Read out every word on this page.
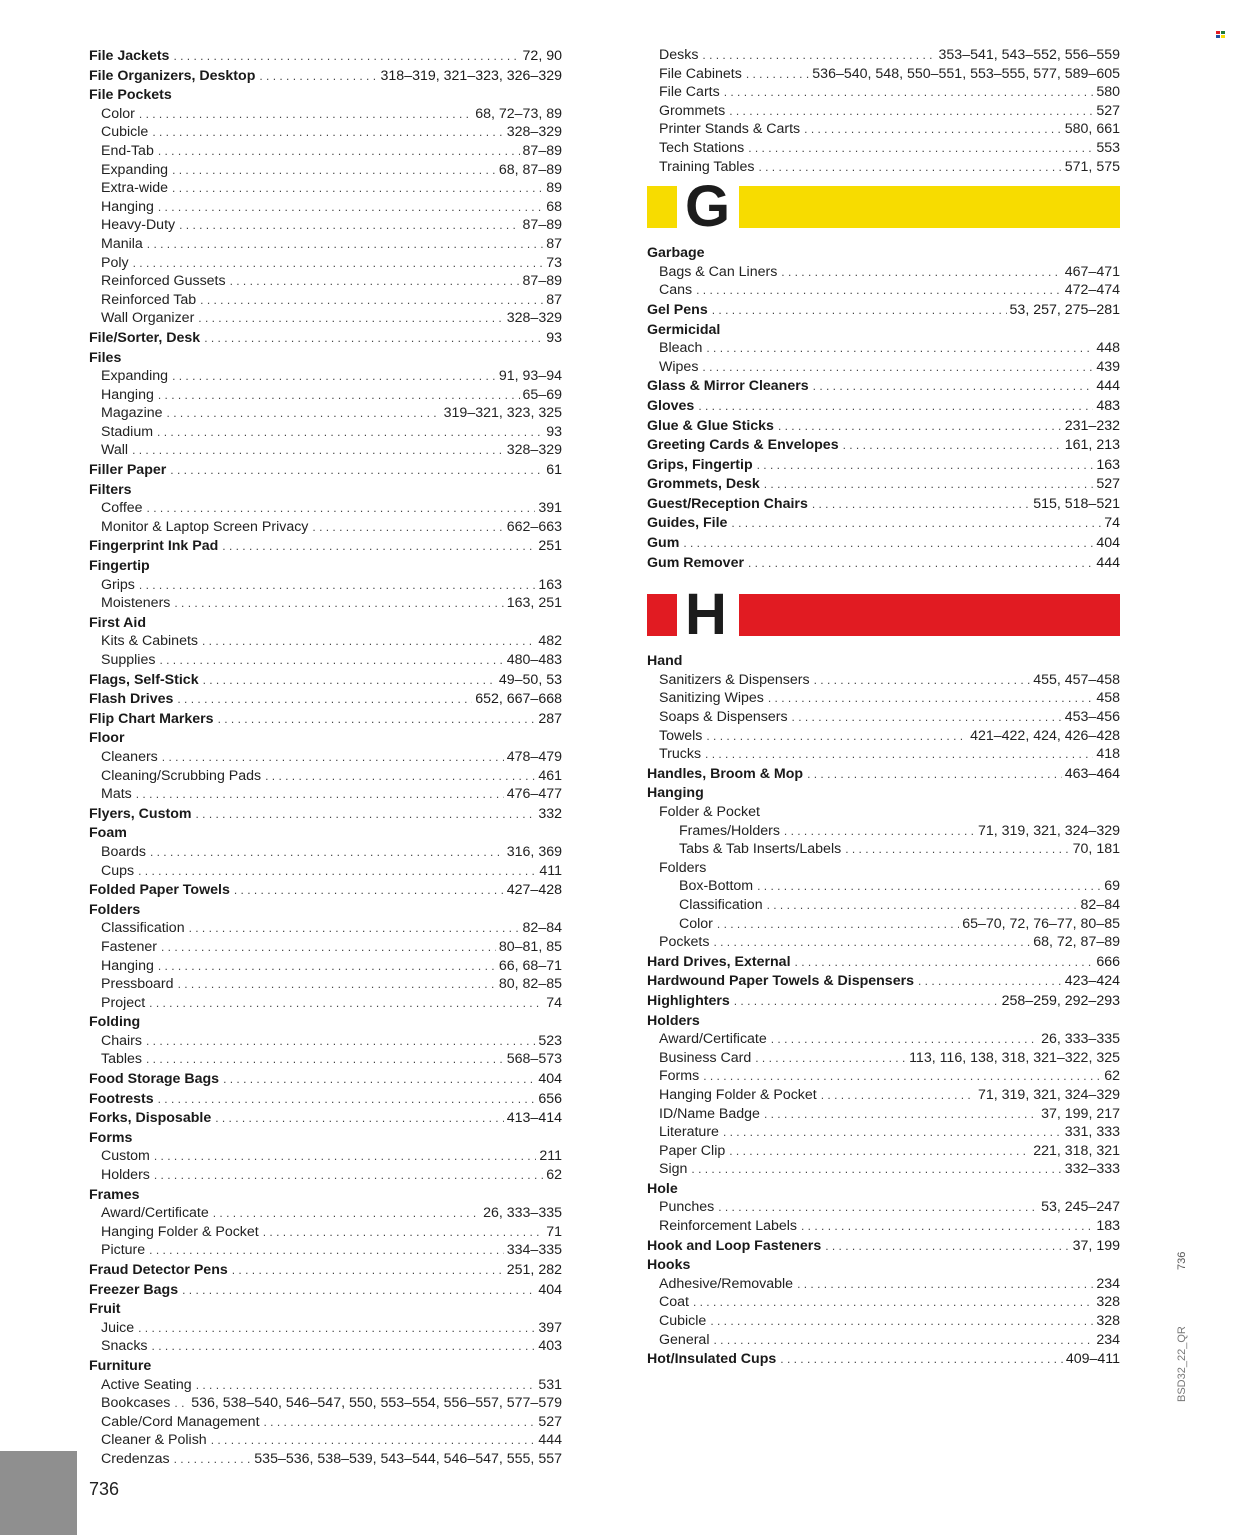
File Jackets . . .	72, 90
File Organizers, Desktop . . .	318–319, 321–323, 326–329
File Pockets
Color . . .	68, 72–73, 89
Cubicle . . .	328–329
End-Tab . . .	87–89
Expanding . . .	68, 87–89
Extra-wide . . .	89
Hanging . . .	68
Heavy-Duty . . .	87–89
Manila . . .	87
Poly . . .	73
Reinforced Gussets . . .	87–89
Reinforced Tab . . .	87
Wall Organizer . . .	328–329
File/Sorter, Desk . . .	93
Files
Expanding . . .	91, 93–94
Hanging . . .	65–69
Magazine . . .	319–321, 323, 325
Stadium . . .	93
Wall . . .	328–329
Filler Paper . . .	61
Filters
Coffee . . .	391
Monitor & Laptop Screen Privacy . . .	662–663
Fingerprint Ink Pad . . .	251
Fingertip
Grips . . .	163
Moisteners . . .	163, 251
First Aid
Kits & Cabinets . . .	482
Supplies . . .	480–483
Flags, Self-Stick . . .	49–50, 53
Flash Drives . . .	652, 667–668
Flip Chart Markers . . .	287
Floor
Cleaners . . .	478–479
Cleaning/Scrubbing Pads . . .	461
Mats . . .	476–477
Flyers, Custom . . .	332
Foam
Boards . . .	316, 369
Cups . . .	411
Folded Paper Towels . . .	427–428
Folders
Classification . . .	82–84
Fastener . . .	80–81, 85
Hanging . . .	66, 68–71
Pressboard . . .	80, 82–85
Project . . .	74
Folding
Chairs . . .	523
Tables . . .	568–573
Food Storage Bags . . .	404
Footrests . . .	656
Forks, Disposable . . .	413–414
Forms
Custom . . .	211
Holders . . .	62
Frames
Award/Certificate . . .	26, 333–335
Hanging Folder & Pocket . . .	71
Picture . . .	334–335
Fraud Detector Pens . . .	251, 282
Freezer Bags . . .	404
Fruit
Juice . . .	397
Snacks . . .	403
Furniture
Active Seating . . .	531
Bookcases . . . 536, 538–540, 546–547, 550, 553–554, 556–557, 577–579
Cable/Cord Management . . .	527
Cleaner & Polish . . .	444
Credenzas . . .	535–536, 538–539, 543–544, 546–547, 555, 557
Desks . . .	353–541, 543–552, 556–559
File Cabinets . . .	536–540, 548, 550–551, 553–555, 577, 589–605
File Carts . . .	580
Grommets . . .	527
Printer Stands & Carts . . .	580, 661
Tech Stations . . .	553
Training Tables . . .	571, 575
G
Garbage
Bags & Can Liners . . .	467–471
Cans . . .	472–474
Gel Pens . . .	53, 257, 275–281
Germicidal
Bleach . . .	448
Wipes . . .	439
Glass & Mirror Cleaners . . .	444
Gloves . . .	483
Glue & Glue Sticks . . .	231–232
Greeting Cards & Envelopes . . .	161, 213
Grips, Fingertip . . .	163
Grommets, Desk . . .	527
Guest/Reception Chairs . . .	515, 518–521
Guides, File . . .	74
Gum . . .	404
Gum Remover . . .	444
H
Hand
Sanitizers & Dispensers . . .	455, 457–458
Sanitizing Wipes . . .	458
Soaps & Dispensers . . .	453–456
Towels . . .	421–422, 424, 426–428
Trucks . . .	418
Handles, Broom & Mop . . .	463–464
Hanging
Folder & Pocket
Frames/Holders . . .	71, 319, 321, 324–329
Tabs & Tab Inserts/Labels . . .	70, 181
Folders
Box-Bottom . . .	69
Classification . . .	82–84
Color . . .	65–70, 72, 76–77, 80–85
Pockets . . .	68, 72, 87–89
Hard Drives, External . . .	666
Hardwound Paper Towels & Dispensers . . .	423–424
Highlighters . . .	258–259, 292–293
Holders
Award/Certificate . . .	26, 333–335
Business Card . . .	113, 116, 138, 318, 321–322, 325
Forms . . .	62
Hanging Folder & Pocket . . .	71, 319, 321, 324–329
ID/Name Badge . . .	37, 199, 217
Literature . . .	331, 333
Paper Clip . . .	221, 318, 321
Sign . . .	332–333
Hole
Punches . . .	53, 245–247
Reinforcement Labels . . .	183
Hook and Loop Fasteners . . .	37, 199
Hooks
Adhesive/Removable . . .	234
Coat . . .	328
Cubicle . . .	328
General . . .	234
Hot/Insulated Cups . . .	409–411
736
736
BSD32_22_QR
